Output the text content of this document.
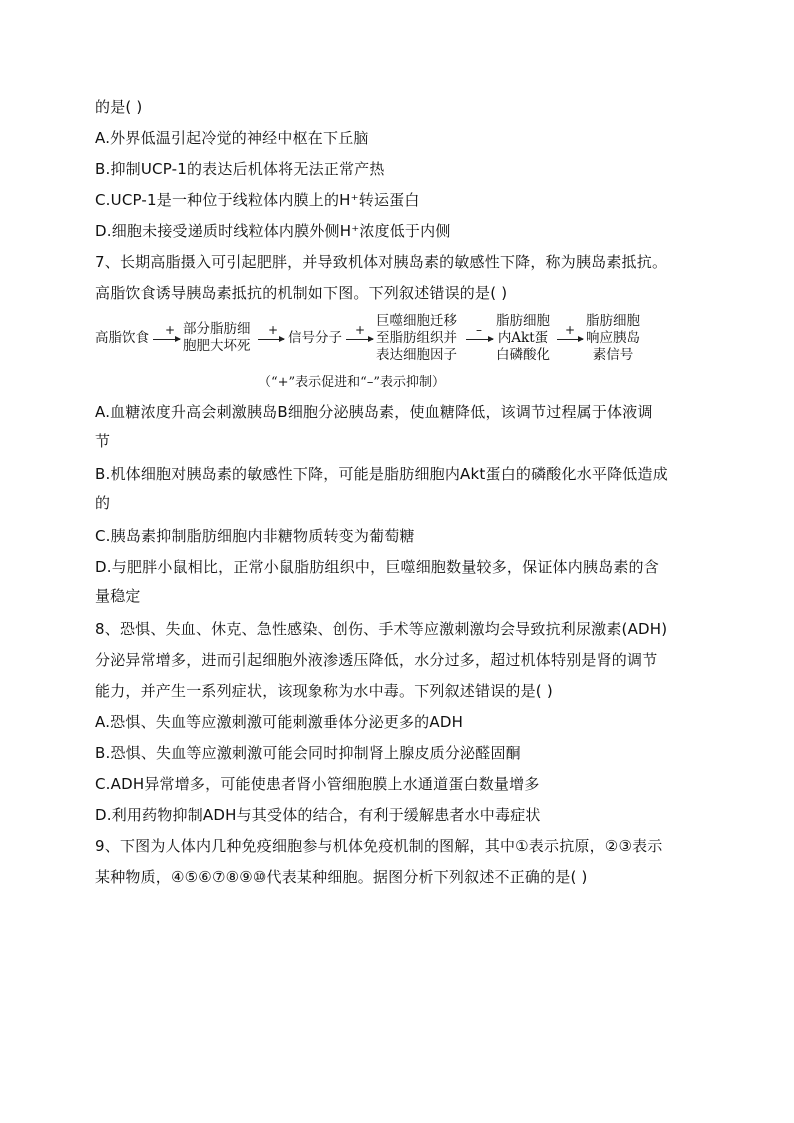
的是( )
A.外界低温引起冷觉的神经中枢在下丘脑
B.抑制UCP-1的表达后机体将无法正常产热
C.UCP-1是一种位于线粒体内膜上的H⁺转运蛋白
D.细胞未接受递质时线粒体内膜外侧H⁺浓度低于内侧
7、长期高脂摄入可引起肥胖，并导致机体对胰岛素的敏感性下降，称为胰岛素抵抗。
高脂饮食诱导胰岛素抵抗的机制如下图。下列叙述错误的是( )
高脂饮食 + 部分脂肪细
胞肥大坏死
+ 信号分子 +
巨噬细胞迁移
至脂肪组织并
表达细胞因子
–
脂肪细胞
内Akt蛋
白磷酸化
+
脂肪细胞
响应胰岛
素信号
（“+”表示促进和“–”表示抑制）
A.血糖浓度升高会刺激胰岛B细胞分泌胰岛素，使血糖降低，该调节过程属于体液调
节
B.机体细胞对胰岛素的敏感性下降，可能是脂肪细胞内Akt蛋白的磷酸化水平降低造成
的
C.胰岛素抑制脂肪细胞内非糖物质转变为葡萄糖
D.与肥胖小鼠相比，正常小鼠脂肪组织中，巨噬细胞数量较多，保证体内胰岛素的含
量稳定
8、恐惧、失血、休克、急性感染、创伤、手术等应激刺激均会导致抗利尿激素(ADH)
分泌异常增多，进而引起细胞外液渗透压降低，水分过多，超过机体特别是肾的调节
能力，并产生一系列症状，该现象称为水中毒。下列叙述错误的是( )
A.恐惧、失血等应激刺激可能刺激垂体分泌更多的ADH
B.恐惧、失血等应激刺激可能会同时抑制肾上腺皮质分泌醛固酮
C.ADH异常增多，可能使患者肾小管细胞膜上水通道蛋白数量增多
D.利用药物抑制ADH与其受体的结合，有利于缓解患者水中毒症状
9、下图为人体内几种免疫细胞参与机体免疫机制的图解，其中①表示抗原，②③表示
某种物质，④⑤⑥⑦⑧⑨⑩代表某种细胞。据图分析下列叙述不正确的是( )
